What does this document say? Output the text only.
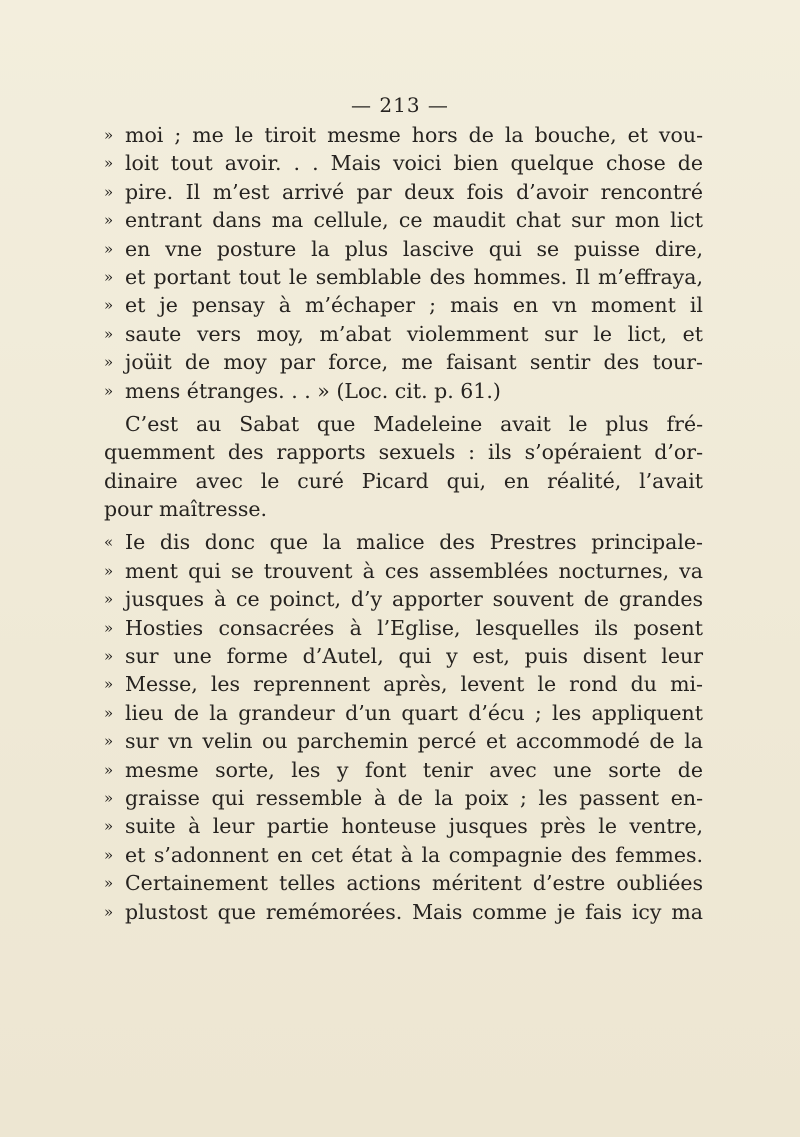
— 213 —
» moi ; me le tiroit mesme hors de la bouche, et vou-
» loit tout avoir. . . Mais voici bien quelque chose de
» pire. Il m’est arrivé par deux fois d’avoir rencontré
» entrant dans ma cellule, ce maudit chat sur mon lict
» en vne posture la plus lascive qui se puisse dire,
» et portant tout le semblable des hommes. Il m’effraya,
» et je pensay à m’échaper ; mais en vn moment il
» saute vers moy, m’abat violemment sur le lict, et
» joüit de moy par force, me faisant sentir des tour-
» mens étranges. . . » (Loc. cit. p. 61.)
C’est au Sabat que Madeleine avait le plus fré-
quemment des rapports sexuels : ils s’opéraient d’or-
dinaire avec le curé Picard qui, en réalité, l’avait
pour maîtresse.
« Ie dis donc que la malice des Prestres principale-
» ment qui se trouvent à ces assemblées nocturnes, va
» jusques à ce poinct, d’y apporter souvent de grandes
» Hosties consacrées à l’Eglise, lesquelles ils posent
» sur une forme d’Autel, qui y est, puis disent leur
» Messe, les reprennent après, levent le rond du mi-
» lieu de la grandeur d’un quart d’écu ; les appliquent
» sur vn velin ou parchemin percé et accommodé de la
» mesme sorte, les y font tenir avec une sorte de
» graisse qui ressemble à de la poix ; les passent en-
» suite à leur partie honteuse jusques près le ventre,
» et s’adonnent en cet état à la compagnie des femmes.
» Certainement telles actions méritent d’estre oubliées
» plustost que remémorées. Mais comme je fais icy ma
